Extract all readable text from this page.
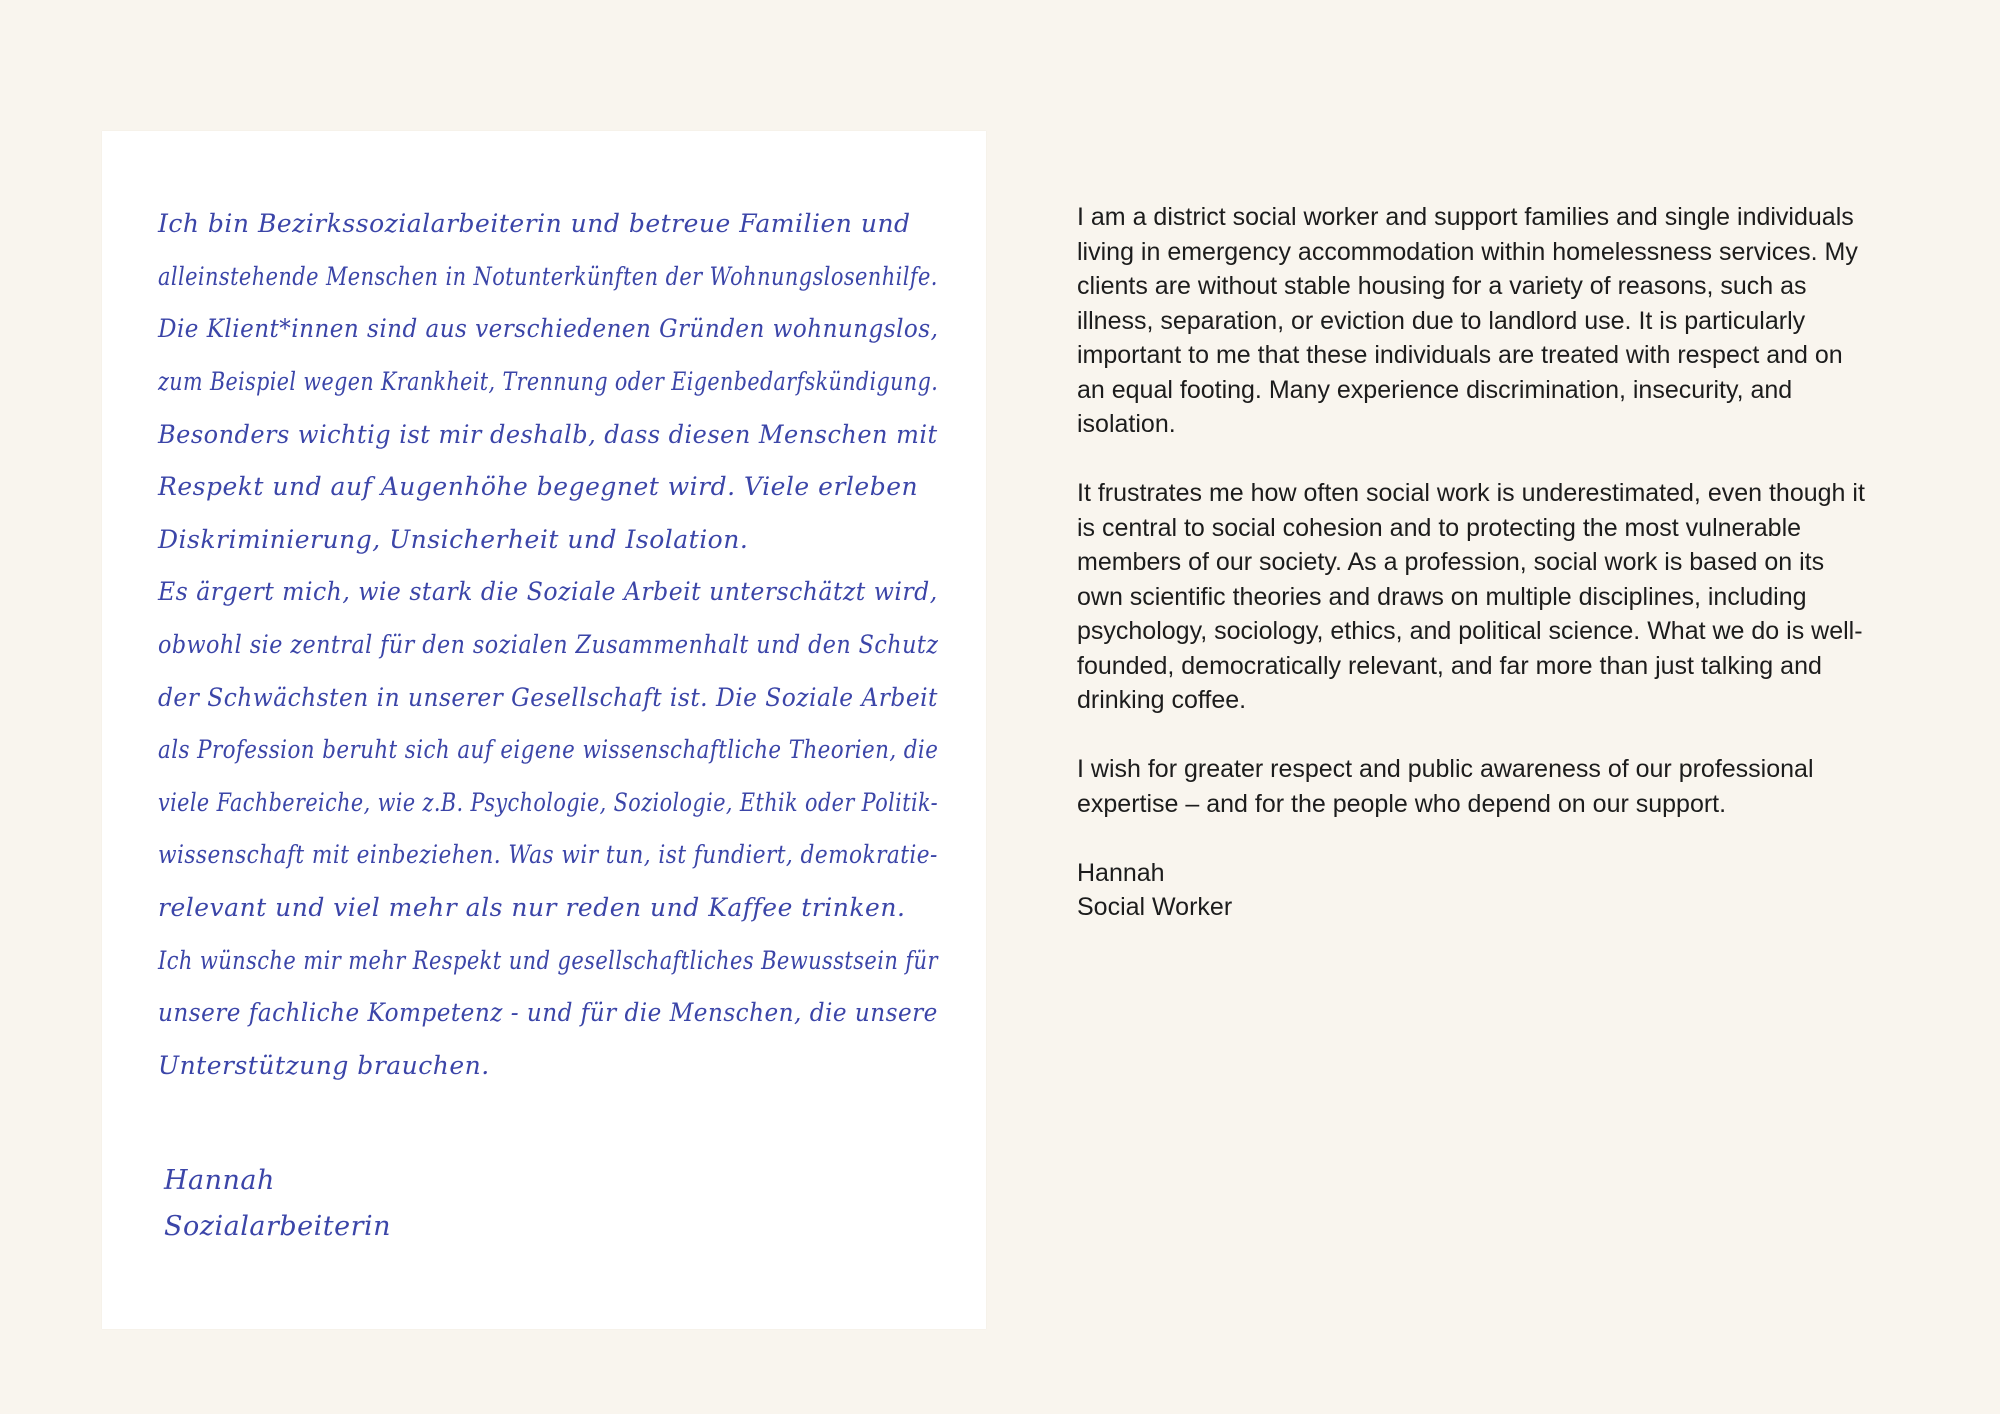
Ich bin Bezirkssozialarbeiterin und betreue Familien und
alleinstehende Menschen in Notunterkünften der Wohnungslosenhilfe.
Die Klient*innen sind aus verschiedenen Gründen wohnungslos,
zum Beispiel wegen Krankheit, Trennung oder Eigenbedarfskündigung.
Besonders wichtig ist mir deshalb, dass diesen Menschen mit
Respekt und auf Augenhöhe begegnet wird. Viele erleben
Diskriminierung, Unsicherheit und Isolation.
Es ärgert mich, wie stark die Soziale Arbeit unterschätzt wird,
obwohl sie zentral für den sozialen Zusammenhalt und den Schutz
der Schwächsten in unserer Gesellschaft ist. Die Soziale Arbeit
als Profession beruht sich auf eigene wissenschaftliche Theorien, die
viele Fachbereiche, wie z.B. Psychologie, Soziologie, Ethik oder Politik-
wissenschaft mit einbeziehen. Was wir tun, ist fundiert, demokratie-
relevant und viel mehr als nur reden und Kaffee trinken.
Ich wünsche mir mehr Respekt und gesellschaftliches Bewusstsein für
unsere fachliche Kompetenz - und für die Menschen, die unsere
Unterstützung brauchen.
Hannah
Sozialarbeiterin

I am a district social worker and support families and single individuals living in emergency accommodation within homelessness services. My clients are without stable housing for a variety of reasons, such as illness, separation, or eviction due to landlord use. It is particularly important to me that these individuals are treated with respect and on an equal footing. Many experience discrimination, insecurity, and isolation.

It frustrates me how often social work is underestimated, even though it is central to social cohesion and to protecting the most vulnerable members of our society. As a profession, social work is based on its own scientific theories and draws on multiple disciplines, including psychology, sociology, ethics, and political science. What we do is well-founded, democratically relevant, and far more than just talking and drinking coffee.

I wish for greater respect and public awareness of our professional expertise – and for the people who depend on our support.

Hannah
Social Worker
